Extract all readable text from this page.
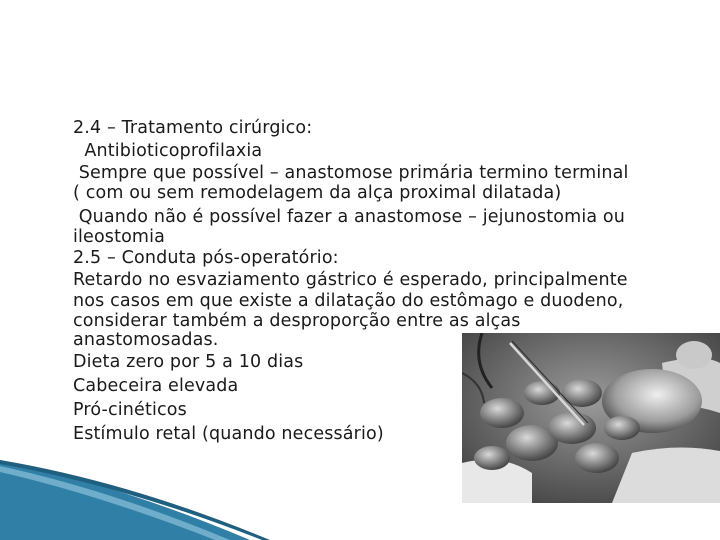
2.4 – Tratamento cirúrgico:
Antibioticoprofilaxia
Sempre que possível – anastomose primária termino terminal
( com ou sem remodelagem da alça proximal dilatada)
Quando não é possível fazer a anastomose – jejunostomia ou
ileostomia
2.5 – Conduta pós-operatório:
Retardo no esvaziamento gástrico é esperado, principalmente
nos casos em que existe a dilatação do estômago e duodeno,
considerar também a desproporção entre as alças
anastomosadas.
Dieta zero por 5 a 10 dias
Cabeceira elevada
Pró-cinéticos
Estímulo retal (quando necessário)
